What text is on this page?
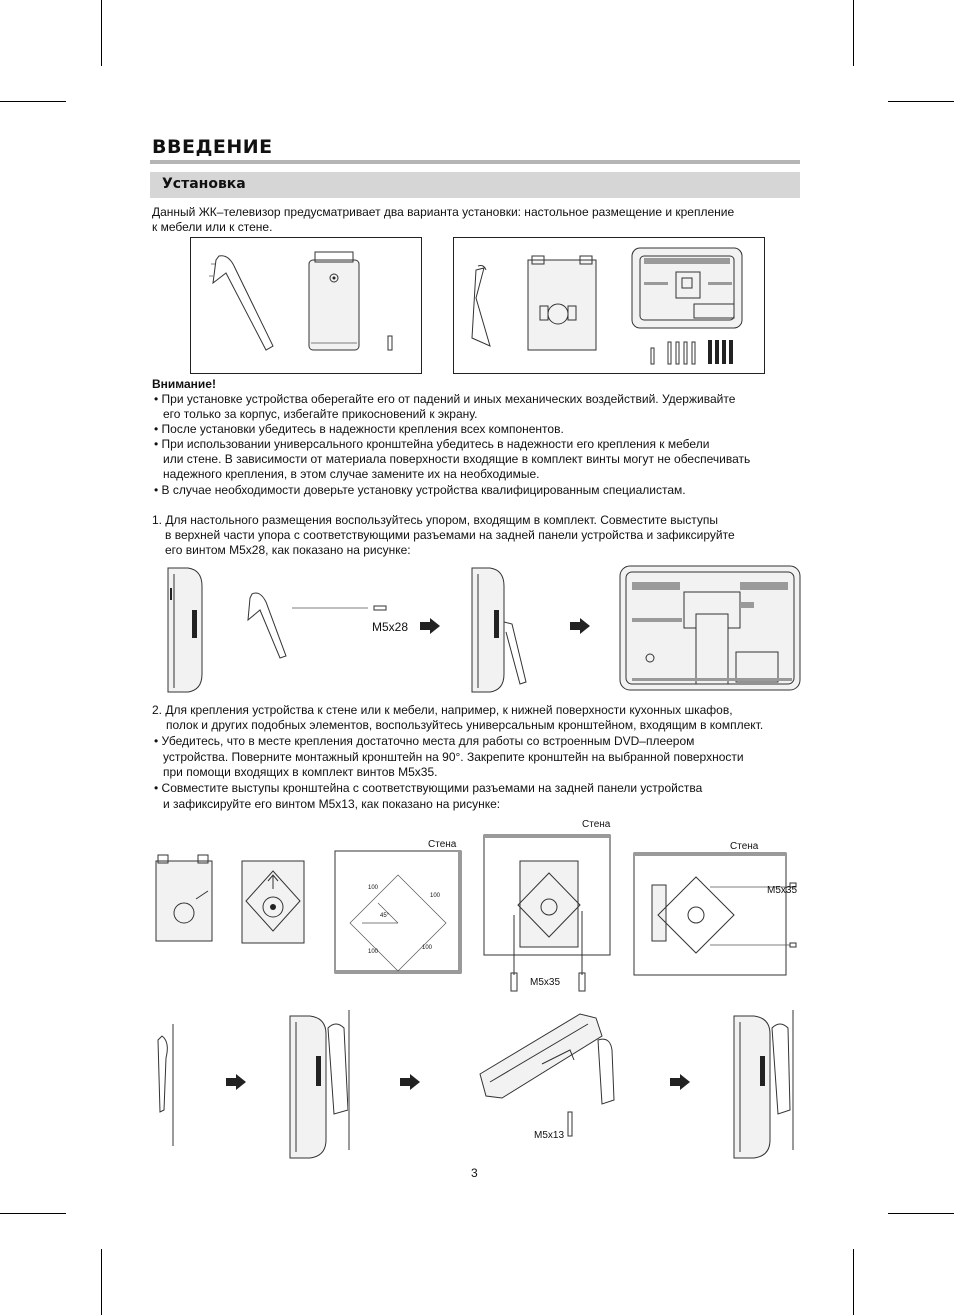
ВВЕДЕНИЕ
Установка
Данный ЖК–телевизор предусматривает два варианта установки: настольное размещение и крепление
к мебели или к стене.
Внимание!
• При установке устройства оберегайте его от падений и иных механических воздействий. Удерживайте
его только за корпус, избегайте прикосновений к экрану.
• После установки убедитесь в надежности крепления всех компонентов.
• При использовании универсального кронштейна убедитесь в надежности его крепления к мебели
или стене. В зависимости от материала поверхности входящие в комплект винты могут не обеспечивать
надежного крепления, в этом случае замените их на необходимые.
• В случае необходимости доверьте установку устройства квалифицированным специалистам.
1. Для настольного размещения воспользуйтесь упором, входящим в комплект. Совместите выступы
в верхней части упора с соответствующими разъемами на задней панели устройства и зафиксируйте
его винтом M5x28, как показано на рисунке:
M5x28
2. Для крепления устройства к стене или к мебели, например, к нижней поверхности кухонных шкафов,
полок и других подобных элементов, воспользуйтесь универсальным кронштейном, входящим в комплект.
• Убедитесь, что в месте крепления достаточно места для работы со встроенным DVD–плеером
устройства. Поверните монтажный кронштейн на 90°. Закрепите кронштейн на выбранной поверхности
при помощи входящих в комплект винтов M5x35.
• Совместите выступы кронштейна с соответствующими разъемами на задней панели устройства
и зафиксируйте его винтом M5x13, как показано на рисунке:
Стена
Стена
Стена
M5x35
M5x35
100
100
45°
100
100
M5x13
3
